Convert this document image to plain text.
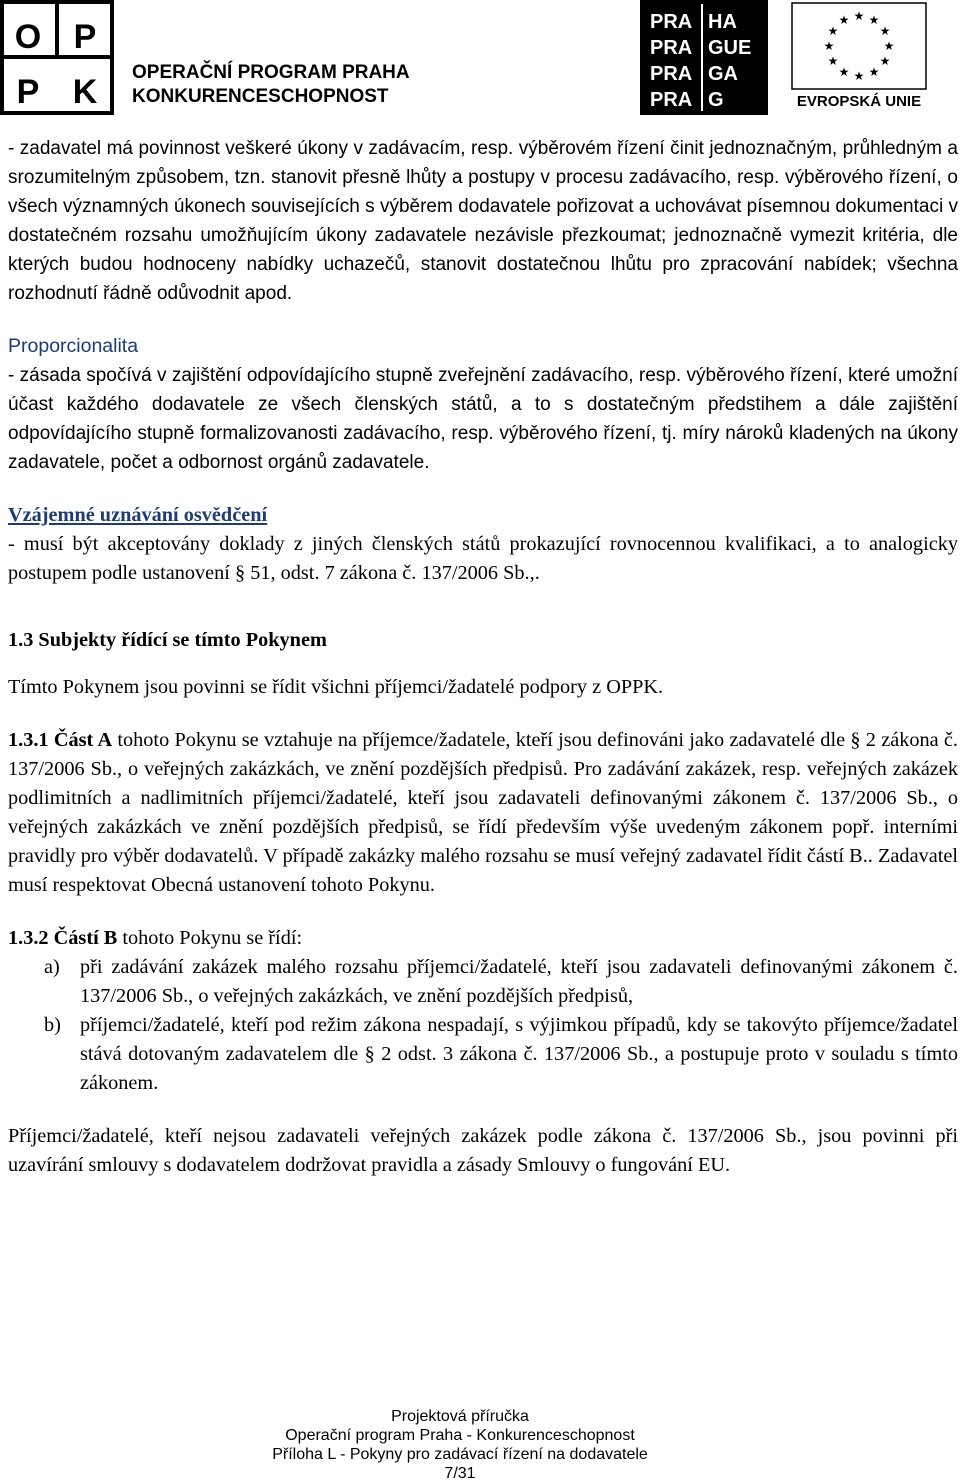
O P
P K
OPERAČNÍ PROGRAM PRAHA
KONKURENCESCHOPNOST
PRA HA
PRA GUE
PRA GA
PRA G
★ ★
★
★
★
★
★
★
★
★
★
★
EVROPSKÁ UNIE

- zadavatel má povinnost veškeré úkony v zadávacím, resp. výběrovém řízení činit jednoznačným, průhledným a srozumitelným způsobem, tzn. stanovit přesně lhůty a postupy v procesu zadávacího, resp. výběrového řízení, o všech významných úkonech souvisejících s výběrem dodavatele pořizovat a uchovávat písemnou dokumentaci v dostatečném rozsahu umožňujícím úkony zadavatele nezávisle přezkoumat; jednoznačně vymezit kritéria, dle kterých budou hodnoceny nabídky uchazečů, stanovit dostatečnou lhůtu pro zpracování nabídek; všechna rozhodnutí řádně odůvodnit apod.

Proporcionalita

- zásada spočívá v zajištění odpovídajícího stupně zveřejnění zadávacího, resp. výběrového řízení, které umožní účast každého dodavatele ze všech členských států, a to s dostatečným předstihem a dále zajištění odpovídajícího stupně formalizovanosti zadávacího, resp. výběrového řízení, tj. míry nároků kladených na úkony zadavatele, počet a odbornost orgánů zadavatele.

Vzájemné uznávání osvědčení

- musí být akceptovány doklady z jiných členských států prokazující rovnocennou kvalifikaci, a to analogicky postupem podle ustanovení § 51, odst. 7 zákona č. 137/2006 Sb.,.

1.3 Subjekty řídící se tímto Pokynem

Tímto Pokynem jsou povinni se řídit všichni příjemci/žadatelé podpory z OPPK.

1.3.1 Část A tohoto Pokynu se vztahuje na příjemce/žadatele, kteří jsou definováni jako zadavatelé dle § 2 zákona č. 137/2006 Sb., o veřejných zakázkách, ve znění pozdějších předpisů. Pro zadávání zakázek, resp. veřejných zakázek podlimitních a nadlimitních příjemci/žadatelé, kteří jsou zadavateli definovanými zákonem č. 137/2006 Sb., o veřejných zakázkách ve znění pozdějších předpisů, se řídí především výše uvedeným zákonem popř. interními pravidly pro výběr dodavatelů. V případě zakázky malého rozsahu se musí veřejný zadavatel řídit částí B.. Zadavatel musí respektovat Obecná ustanovení tohoto Pokynu.

1.3.2 Částí B tohoto Pokynu se řídí:

a) při zadávání zakázek malého rozsahu příjemci/žadatelé, kteří jsou zadavateli definovanými zákonem č. 137/2006 Sb., o veřejných zakázkách, ve znění pozdějších předpisů,
b) příjemci/žadatelé, kteří pod režim zákona nespadají, s výjimkou případů, kdy se takovýto příjemce/žadatel stává dotovaným zadavatelem dle § 2 odst. 3 zákona č. 137/2006 Sb., a postupuje proto v souladu s tímto zákonem.

Příjemci/žadatelé, kteří nejsou zadavateli veřejných zakázek podle zákona č. 137/2006 Sb., jsou povinni při uzavírání smlouvy s dodavatelem dodržovat pravidla a zásady Smlouvy o fungování EU.

Projektová příručka
Operační program Praha - Konkurenceschopnost
Příloha L - Pokyny pro zadávací řízení na dodavatele
7/31
